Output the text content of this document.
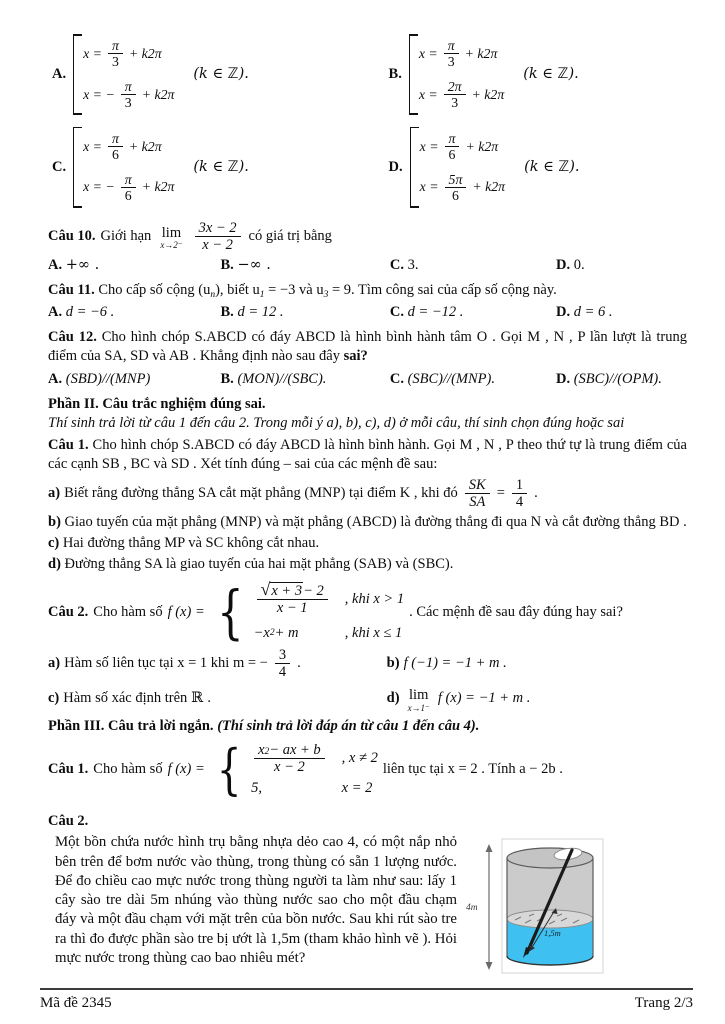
A.
$x = \frac{\pi}{3} + k2\pi$
x = − $\frac{\pi}{3} + k2\pi$
(k ∈ ℤ).	B.
$x = \frac{\pi}{3} + k2\pi$
$x = \frac{2\pi}{3} + k2\pi$
(k ∈ ℤ).
C.
$x = \frac{\pi}{6} + k2\pi$
x = − $\frac{\pi}{6} + k2\pi$
(k ∈ ℤ).	D.
$x = \frac{\pi}{6} + k2\pi$
$x = \frac{5\pi}{6} + k2\pi$
(k ∈ ℤ).
Câu 10. Giới hạn lim
$x\to 2^- \frac{3x - 2}{x - 2}$ có giá trị bằng
A. +∞ .	B. −∞ .	C. 3.	D. 0.
Câu 11. Cho cấp số cộng $(u_n)$, biết $u_1 = -3$ và $u_3 = 9$. Tìm công sai của cấp số cộng này.
A. d = −6 .	B. d = 12 .	C. d = −12 .	D. d = 6 .
Câu 12. Cho hình chóp S.ABCD có đáy ABCD là hình bình hành tâm O . Gọi M , N , P lần lượt là trung điểm của SA, SD và AB . Khẳng định nào sau đây sai?
A. (SBD)//(MNP)	B. (MON)//(SBC).	C. (SBC)//(MNP).	D. (SBC)//(OPM).
Phần II. Câu trắc nghiệm đúng sai.
Thí sinh trả lời từ câu 1 đến câu 2. Trong mỗi ý a), b), c), d) ở mỗi câu, thí sinh chọn đúng hoặc sai
Câu 1. Cho hình chóp S.ABCD có đáy ABCD là hình bình hành. Gọi M , N , P theo thứ tự là trung điểm của các cạnh SB , BC và SD . Xét tính đúng – sai của các mệnh đề sau:
a) Biết rằng đường thẳng SA cắt mặt phẳng (MNP) tại điểm K , khi đó $\frac{SK}{SA} = \frac{1}{4}$ .
b) Giao tuyến của mặt phẳng (MNP) và mặt phẳng (ABCD) là đường thẳng đi qua N và cắt đường thẳng BD .
c) Hai đường thẳng MP và SC không cắt nhau.
d) Đường thẳng SA là giao tuyến của hai mặt phẳng (SAB) và (SBC).
Câu 2. Cho hàm số f (x) = { $\frac{√ x + 3 - 2}{x - 1}$ , khi x > 1
−x 2 + m	, khi x ≤ 1
. Các mệnh đề sau đây đúng hay sai?
a) Hàm số liên tục tại x = 1 khi m = − $\frac{3}{4}$ .	b) f (−1) = −1 + m .
c) Hàm số xác định trên ℝ .	d) lim
x→1⁻
f (x) = −1 + m .
Phần III. Câu trả lời ngắn. (Thí sinh trả lời đáp án từ câu 1 đến câu 4).
Câu 1. Cho hàm số f (x) = { $\frac{x 2 - ax + b}{x - 2}$ , x ≠ 2
5,	x = 2
liên tục tại x = 2 . Tính a − 2b .
Câu 2.

Một bồn chứa nước hình trụ bằng nhựa dẻo cao 4, có một nắp nhỏ bên trên để bơm nước vào thùng, trong thùng có sẵn 1 lượng nước. Để đo chiều cao mực nước trong thùng người ta làm như sau: lấy 1 cây sào tre dài 5m nhúng vào thùng nước sao cho một đầu chạm đáy và một đầu chạm với mặt trên của bồn nước. Sau khi rút sào tre ra thì đo được phần sào tre bị ướt là 1,5m (tham khảo hình vẽ ). Hỏi mực nước trong thùng cao bao nhiêu mét?

4m
1,5m
Mã đề 2345	Trang 2/3
